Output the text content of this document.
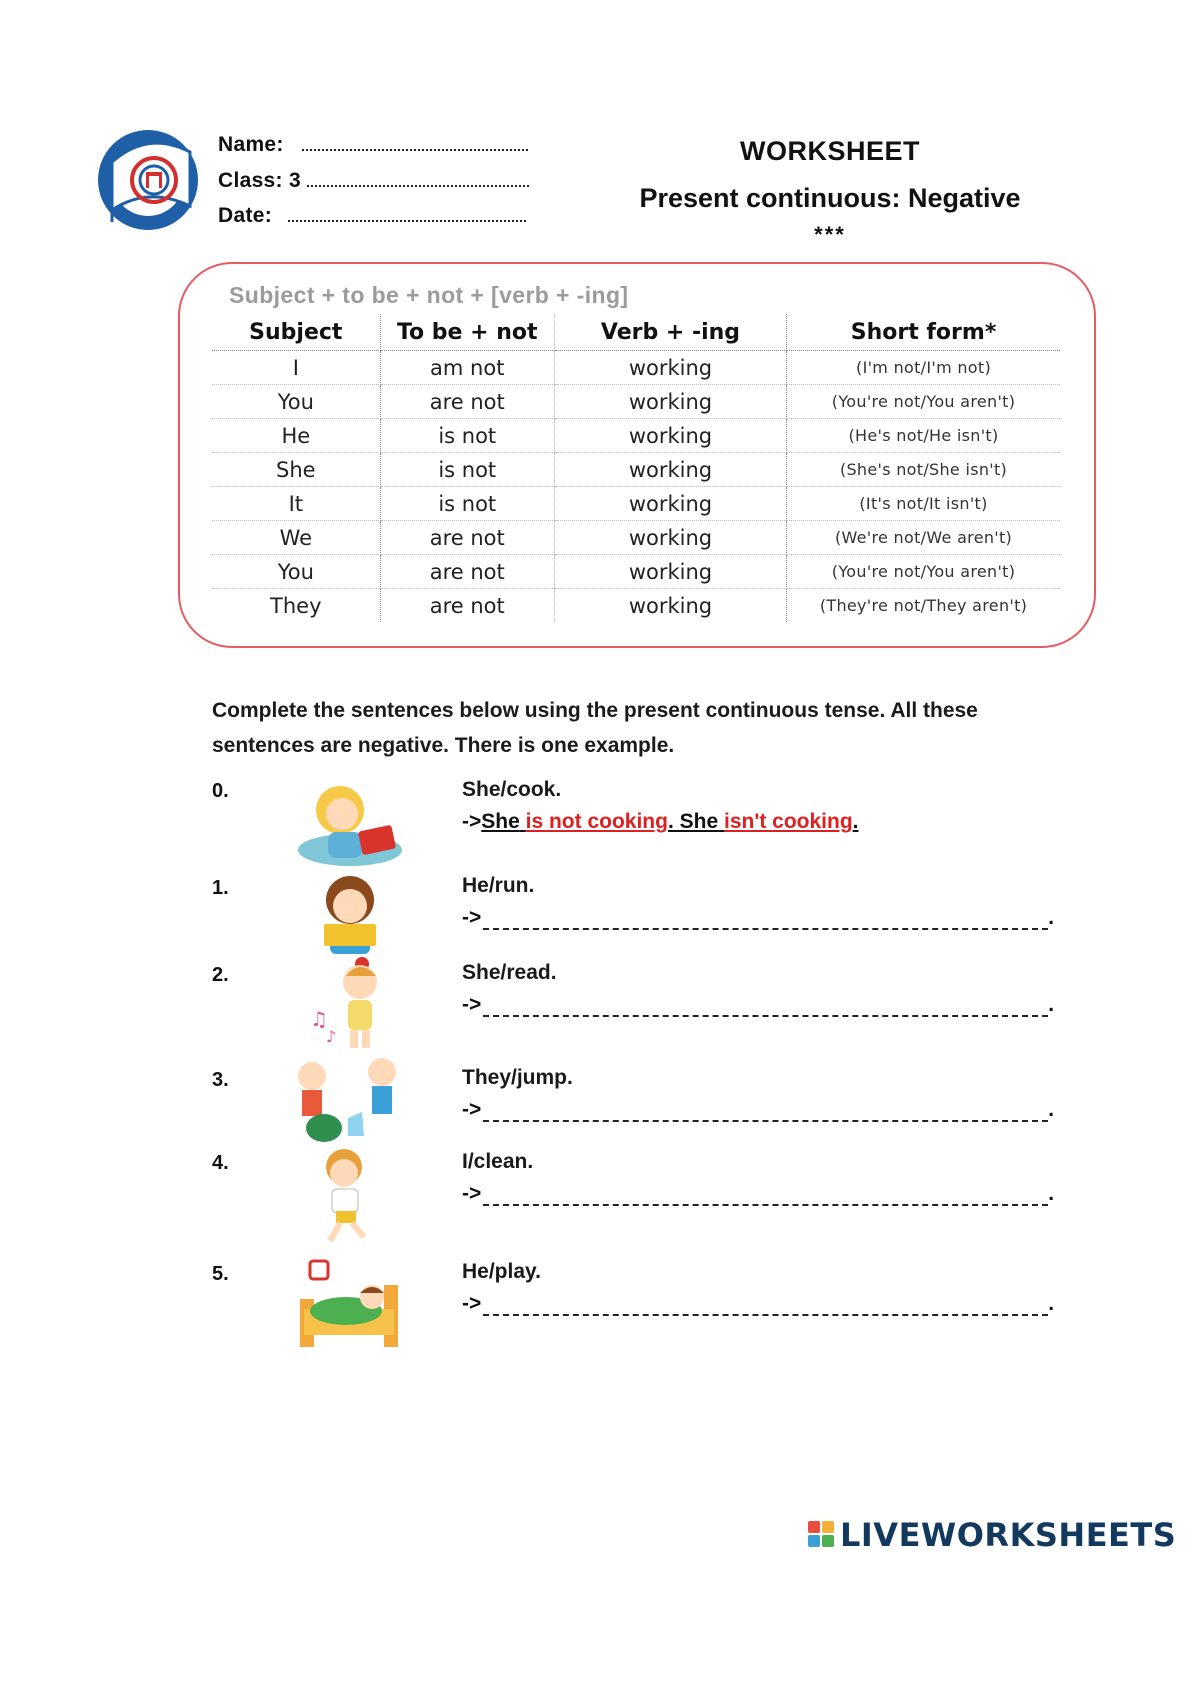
Name:
Class: 3
Date:
WORKSHEET
Present continuous: Negative
***
Subject + to be + not + [verb + -ing]
Subject	To be + not	Verb + -ing	Short form*
I	am not	working	(I'm not/I'm not)
You	are not	working	(You're not/You aren't)
He	is not	working	(He's not/He isn't)
She	is not	working	(She's not/She isn't)
It	is not	working	(It's not/It isn't)
We	are not	working	(We're not/We aren't)
You	are not	working	(You're not/You aren't)
They	are not	working	(They're not/They aren't)
Complete the sentences below using the present continuous tense. All these sentences are negative. There is one example.
0.	She/cook.
->She is not cooking. She isn't cooking.
1.	He/run.
->	.
2.
♫
♪
She/read.
->	.
3.	They/jump.
->	.
4.	I/clean.
->	.
5.	He/play.
->	.
LIVEWORKSHEETS
